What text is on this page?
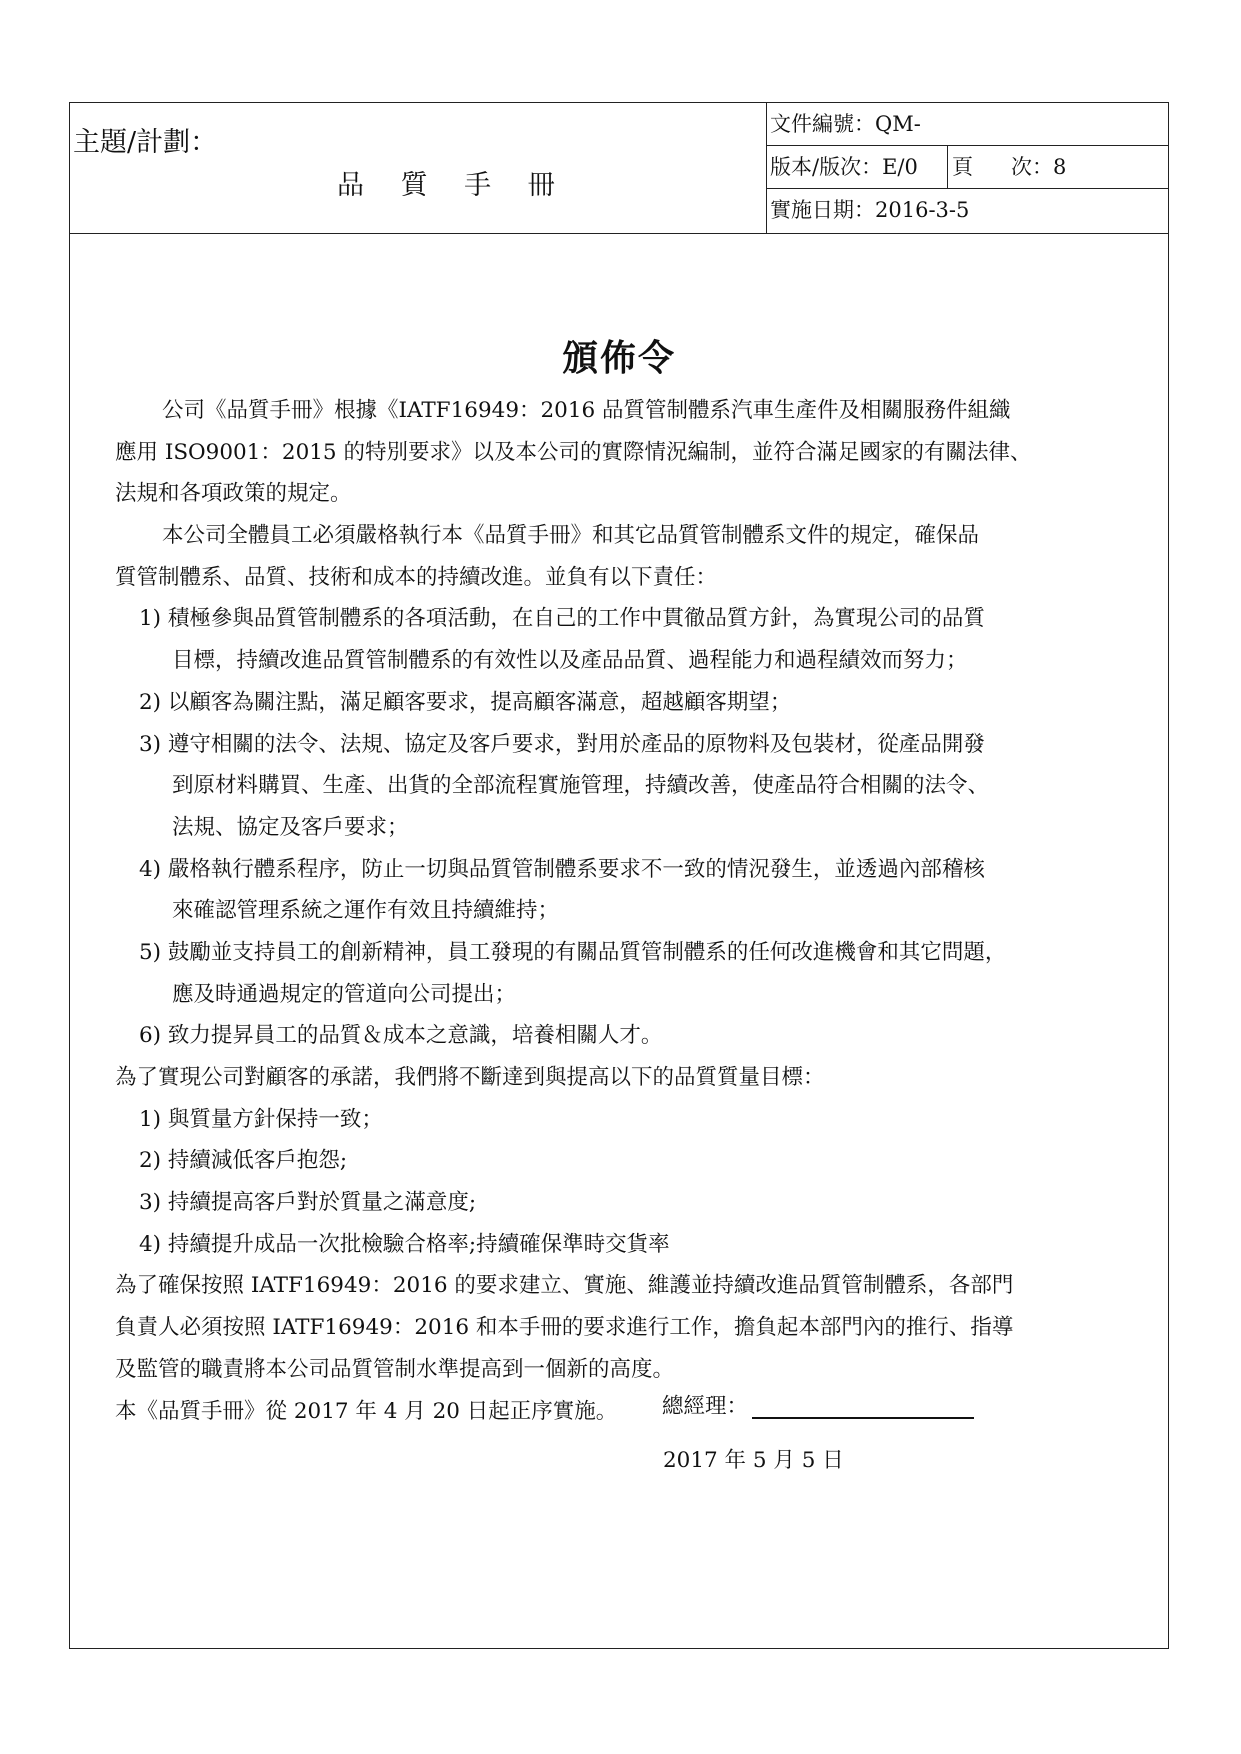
主題/計劃：
品 質 手 冊
文件編號：QM-
版本/版次：E/0 頁 次：8
實施日期：2016-3-5
頒佈令
公司《品質手冊》根據《IATF16949：2016 品質管制體系汽車生產件及相關服務件組織
應用 ISO9001：2015 的特別要求》以及本公司的實際情況編制，並符合滿足國家的有關法律、
法規和各項政策的規定。
本公司全體員工必須嚴格執行本《品質手冊》和其它品質管制體系文件的規定，確保品
質管制體系、品質、技術和成本的持續改進。並負有以下責任：
1) 積極參與品質管制體系的各項活動，在自己的工作中貫徹品質方針，為實現公司的品質
目標，持續改進品質管制體系的有效性以及產品品質、過程能力和過程績效而努力；
2) 以顧客為關注點，滿足顧客要求，提高顧客滿意，超越顧客期望；
3) 遵守相關的法令、法規、協定及客戶要求，對用於產品的原物料及包裝材，從產品開發
到原材料購買、生產、出貨的全部流程實施管理，持續改善，使產品符合相關的法令、
法規、協定及客戶要求；
4) 嚴格執行體系程序，防止一切與品質管制體系要求不一致的情況發生，並透過內部稽核
來確認管理系統之運作有效且持續維持；
5) 鼓勵並支持員工的創新精神，員工發現的有關品質管制體系的任何改進機會和其它問題，
應及時通過規定的管道向公司提出；
6) 致力提昇員工的品質＆成本之意識，培養相關人才。
為了實現公司對顧客的承諾，我們將不斷達到與提高以下的品質質量目標：
1) 與質量方針保持一致；
2) 持續減低客戶抱怨;
3) 持續提高客戶對於質量之滿意度;
4) 持續提升成品一次批檢驗合格率;持續確保準時交貨率
為了確保按照 IATF16949：2016 的要求建立、實施、維護並持續改進品質管制體系，各部門
負責人必須按照 IATF16949：2016 和本手冊的要求進行工作，擔負起本部門內的推行、指導
及監管的職責將本公司品質管制水準提高到一個新的高度。
本《品質手冊》從 2017 年 4 月 20 日起正序實施。	總經理：
2017 年 5 月 5 日
